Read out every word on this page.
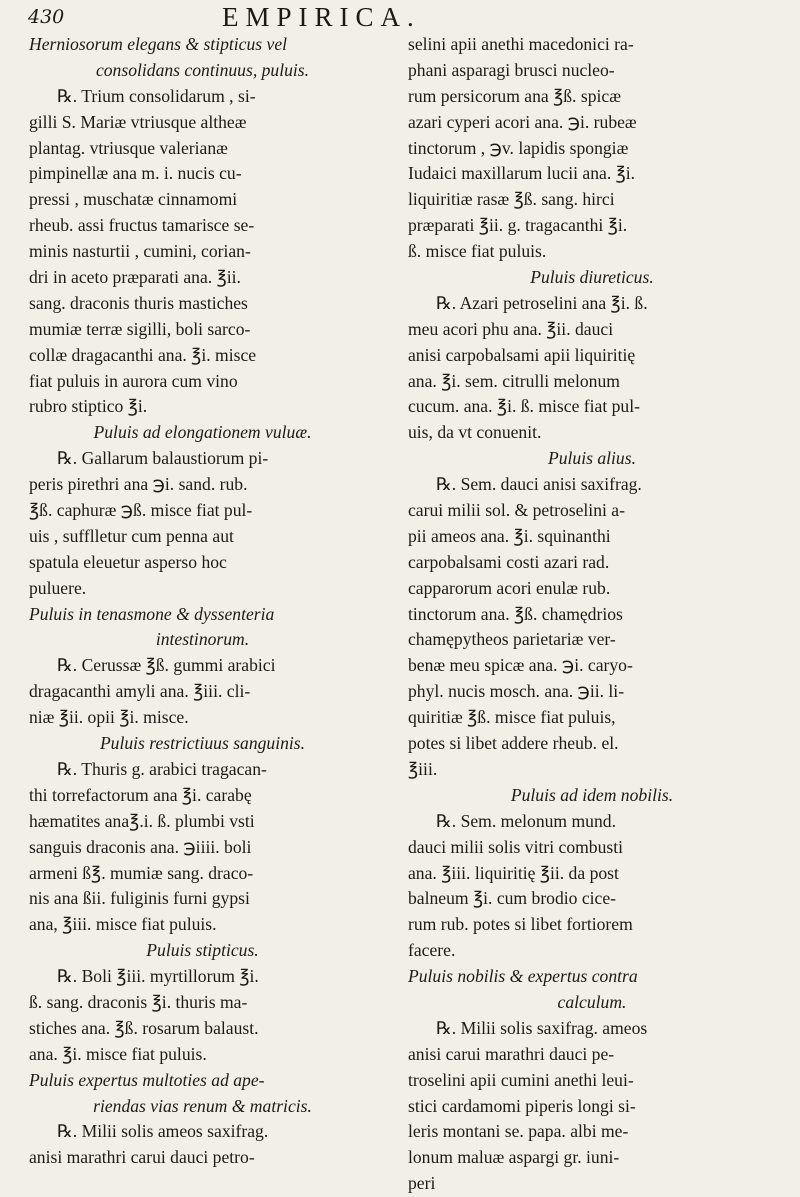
430	EMPIRICA.
Herniosorum elegans & stipticus vel
consolidans continuus, puluis.
℞. Trium consolidarum , si-
gilli S. Mariæ vtriusque altheæ
plantag. vtriusque valerianæ
pimpinellæ ana m. i. nucis cu-
pressi , muschatæ cinnamomi
rheub. assi fructus tamarisce se-
minis nasturtii , cumini, corian-
dri in aceto præparati ana. ℥ii.
sang. draconis thuris mastiches
mumiæ terræ sigilli, boli sarco-
collæ dragacanthi ana. ℥i. misce
fiat puluis in aurora cum vino
rubro stiptico ℥i.
Puluis ad elongationem vuluæ.
℞. Gallarum balaustiorum pi-
peris pirethri ana ℈i. sand. rub.
℥ß. caphuræ ℈ß. misce fiat pul-
uis , sufflletur cum penna aut
spatula eleuetur asperso hoc
puluere.
Puluis in tenasmone & dyssenteria
intestinorum.
℞. Cerussæ ℥ß. gummi arabici
dragacanthi amyli ana. ℥iii. cli-
niæ ℥ii. opii ℥i. misce.
Puluis restrictiuus sanguinis.
℞. Thuris g. arabici tragacan-
thi torrefactorum ana ℥i. carabę
hæmatites ana℥.i. ß. plumbi vsti
sanguis draconis ana. ℈iiii. boli
armeni ß℥. mumiæ sang. draco-
nis ana ßii. fuliginis furni gypsi
ana, ℥iii. misce fiat puluis.
Puluis stipticus.
℞. Boli ℥iii. myrtillorum ℥i.
ß. sang. draconis ℥i. thuris ma-
stiches ana. ℥ß. rosarum balaust.
ana. ℥i. misce fiat puluis.
Puluis expertus multoties ad ape-
riendas vias renum & matricis.
℞. Milii solis ameos saxifrag.
anisi marathri carui dauci petro-
selini apii anethi macedonici ra-
phani asparagi brusci nucleo-
rum persicorum ana ℥ß. spicæ
azari cyperi acori ana. ℈i. rubeæ
tinctorum , ℈v. lapidis spongiæ
Iudaici maxillarum lucii ana. ℥i.
liquiritiæ rasæ ℥ß. sang. hirci
præparati ℥ii. g. tragacanthi ℥i.
ß. misce fiat puluis.
Puluis diureticus.
℞. Azari petroselini ana ℥i. ß.
meu acori phu ana. ℥ii. dauci
anisi carpobalsami apii liquiritię
ana. ℥i. sem. citrulli melonum
cucum. ana. ℥i. ß. misce fiat pul-
uis, da vt conuenit.
Puluis alius.
℞. Sem. dauci anisi saxifrag.
carui milii sol. & petroselini a-
pii ameos ana. ℥i. squinanthi
carpobalsami costi azari rad.
capparorum acori enulæ rub.
tinctorum ana. ℥ß. chamędrios
chamępytheos parietariæ ver-
benæ meu spicæ ana. ℈i. caryo-
phyl. nucis mosch. ana. ℈ii. li-
quiritiæ ℥ß. misce fiat puluis,
potes si libet addere rheub. el.
℥iii.
Puluis ad idem nobilis.
℞. Sem. melonum mund.
dauci milii solis vitri combusti
ana. ℥iii. liquiritię ℥ii. da post
balneum ℥i. cum brodio cice-
rum rub. potes si libet fortiorem
facere.
Puluis nobilis & expertus contra
calculum.
℞. Milii solis saxifrag. ameos
anisi carui marathri dauci pe-
troselini apii cumini anethi leui-
stici cardamomi piperis longi si-
leris montani se. papa. albi me-
lonum maluæ aspargi gr. iuni-
peri
